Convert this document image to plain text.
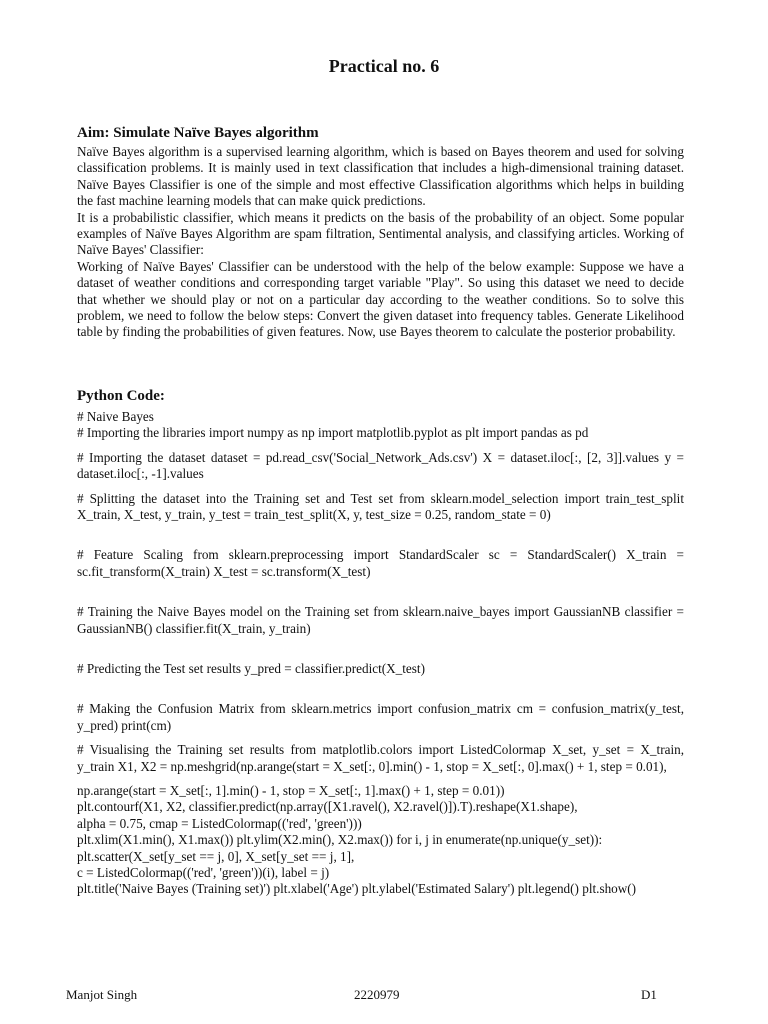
Practical no. 6
Aim: Simulate Naïve Bayes algorithm

Naïve Bayes algorithm is a supervised learning algorithm, which is based on Bayes theorem and used for solving classification problems. It is mainly used in text classification that includes a high-dimensional training dataset. Naïve Bayes Classifier is one of the simple and most effective Classification algorithms which helps in building the fast machine learning models that can make quick predictions.

It is a probabilistic classifier, which means it predicts on the basis of the probability of an object. Some popular examples of Naïve Bayes Algorithm are spam filtration, Sentimental analysis, and classifying articles. Working of Naïve Bayes' Classifier:

Working of Naïve Bayes' Classifier can be understood with the help of the below example: Suppose we have a dataset of weather conditions and corresponding target variable "Play". So using this dataset we need to decide that whether we should play or not on a particular day according to the weather conditions. So to solve this problem, we need to follow the below steps: Convert the given dataset into frequency tables. Generate Likelihood table by finding the probabilities of given features. Now, use Bayes theorem to calculate the posterior probability.

Python Code:

# Naive Bayes

# Importing the libraries import numpy as np import matplotlib.pyplot as plt import pandas as pd

# Importing the dataset dataset = pd.read_csv('Social_Network_Ads.csv') X = dataset.iloc[:, [2, 3]].values y = dataset.iloc[:, -1].values

# Splitting the dataset into the Training set and Test set from sklearn.model_selection import train_test_split X_train, X_test, y_train, y_test = train_test_split(X, y, test_size = 0.25, random_state = 0)

# Feature Scaling from sklearn.preprocessing import StandardScaler sc = StandardScaler() X_train = sc.fit_transform(X_train) X_test = sc.transform(X_test)

# Training the Naive Bayes model on the Training set from sklearn.naive_bayes import GaussianNB classifier = GaussianNB() classifier.fit(X_train, y_train)

# Predicting the Test set results y_pred = classifier.predict(X_test)

# Making the Confusion Matrix from sklearn.metrics import confusion_matrix cm = confusion_matrix(y_test, y_pred) print(cm)

# Visualising the Training set results from matplotlib.colors import ListedColormap X_set, y_set = X_train, y_train X1, X2 = np.meshgrid(np.arange(start = X_set[:, 0].min() - 1, stop = X_set[:, 0].max() + 1, step = 0.01),

np.arange(start = X_set[:, 1].min() - 1, stop = X_set[:, 1].max() + 1, step = 0.01))

plt.contourf(X1, X2, classifier.predict(np.array([X1.ravel(), X2.ravel()]).T).reshape(X1.shape),

alpha = 0.75, cmap = ListedColormap(('red', 'green')))

plt.xlim(X1.min(), X1.max()) plt.ylim(X2.min(), X2.max()) for i, j in enumerate(np.unique(y_set)):

plt.scatter(X_set[y_set == j, 0], X_set[y_set == j, 1],

c = ListedColormap(('red', 'green'))(i), label = j)

plt.title('Naive Bayes (Training set)') plt.xlabel('Age') plt.ylabel('Estimated Salary') plt.legend() plt.show()

Manjot Singh	2220979	D1
